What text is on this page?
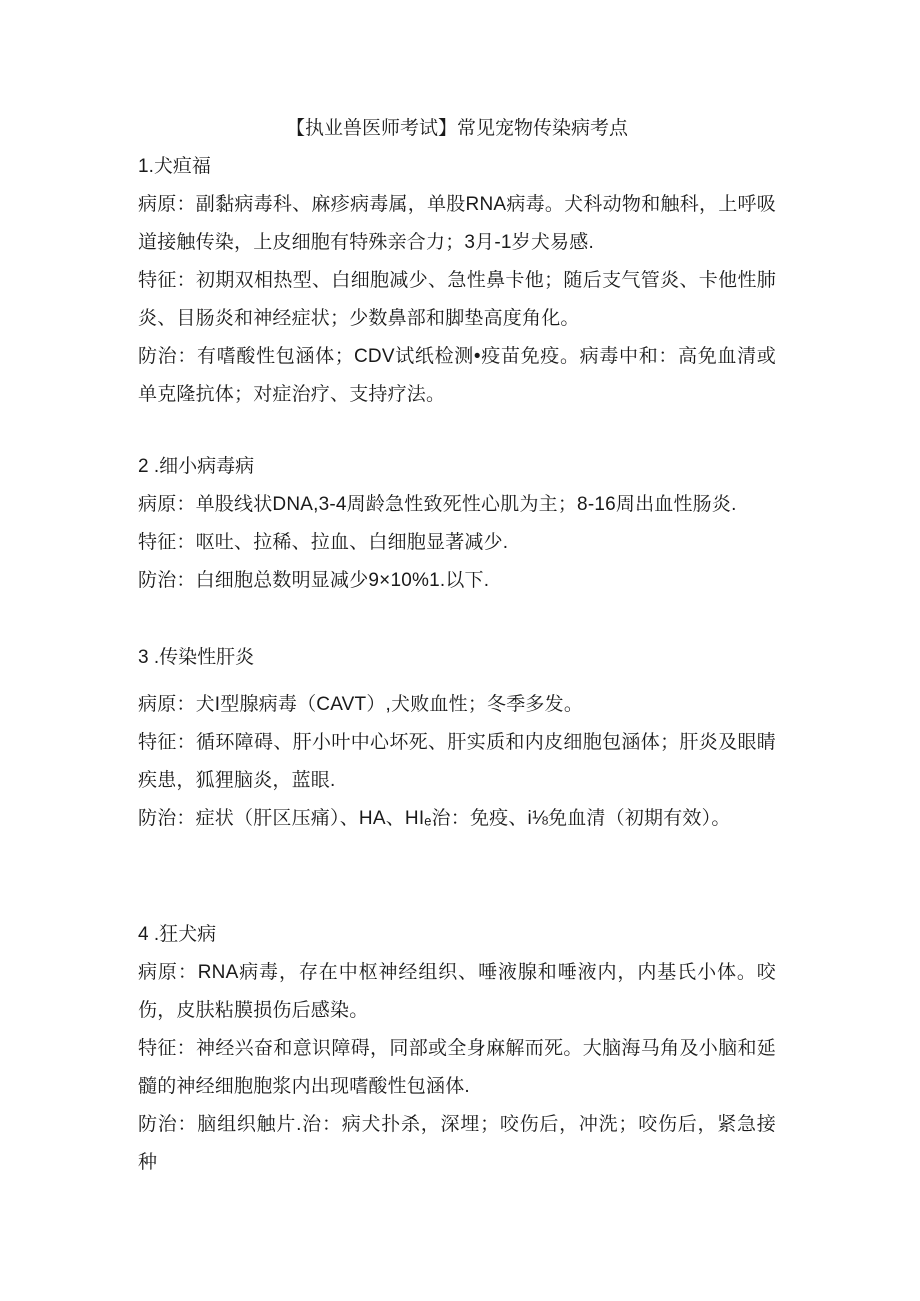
【执业兽医师考试】常见宠物传染病考点

1.犬疸福

病原：副黏病毒科、麻疹病毒属，单股RNA病毒。犬科动物和触科，上呼吸道接触传染，上皮细胞有特殊亲合力；3月-1岁犬易感.

特征：初期双相热型、白细胞减少、急性鼻卡他；随后支气管炎、卡他性肺炎、目肠炎和神经症状；少数鼻部和脚垫高度角化。

防治：有嗜酸性包涵体；CDV试纸检测•疫苗免疫。病毒中和：高免血清或单克隆抗体；对症治疗、支持疗法。

2 .细小病毒病

病原：单股线状DNA,3-4周龄急性致死性心肌为主；8-16周出血性肠炎.

特征：呕吐、拉稀、拉血、白细胞显著减少.

防治：白细胞总数明显减少9×10%1.以下.

3 .传染性肝炎

病原：犬I型腺病毒（CAVT）,犬败血性；冬季多发。

特征：循环障碍、肝小叶中心坏死、肝实质和内皮细胞包涵体；肝炎及眼睛疾患，狐狸脑炎，蓝眼.

防治：症状（肝区压痛）、HA、HIₑ治：免疫、i⅛免血清（初期有效）。

4 .狂犬病

病原：RNA病毒，存在中枢神经组织、唾液腺和唾液内，内基氏小体。咬伤，皮肤粘膜损伤后感染。

特征：神经兴奋和意识障碍，同部或全身麻解而死。大脑海马角及小脑和延髓的神经细胞胞浆内出现嗜酸性包涵体.

防治：脑组织触片.治：病犬扑杀，深埋；咬伤后，冲洗；咬伤后，紧急接种
